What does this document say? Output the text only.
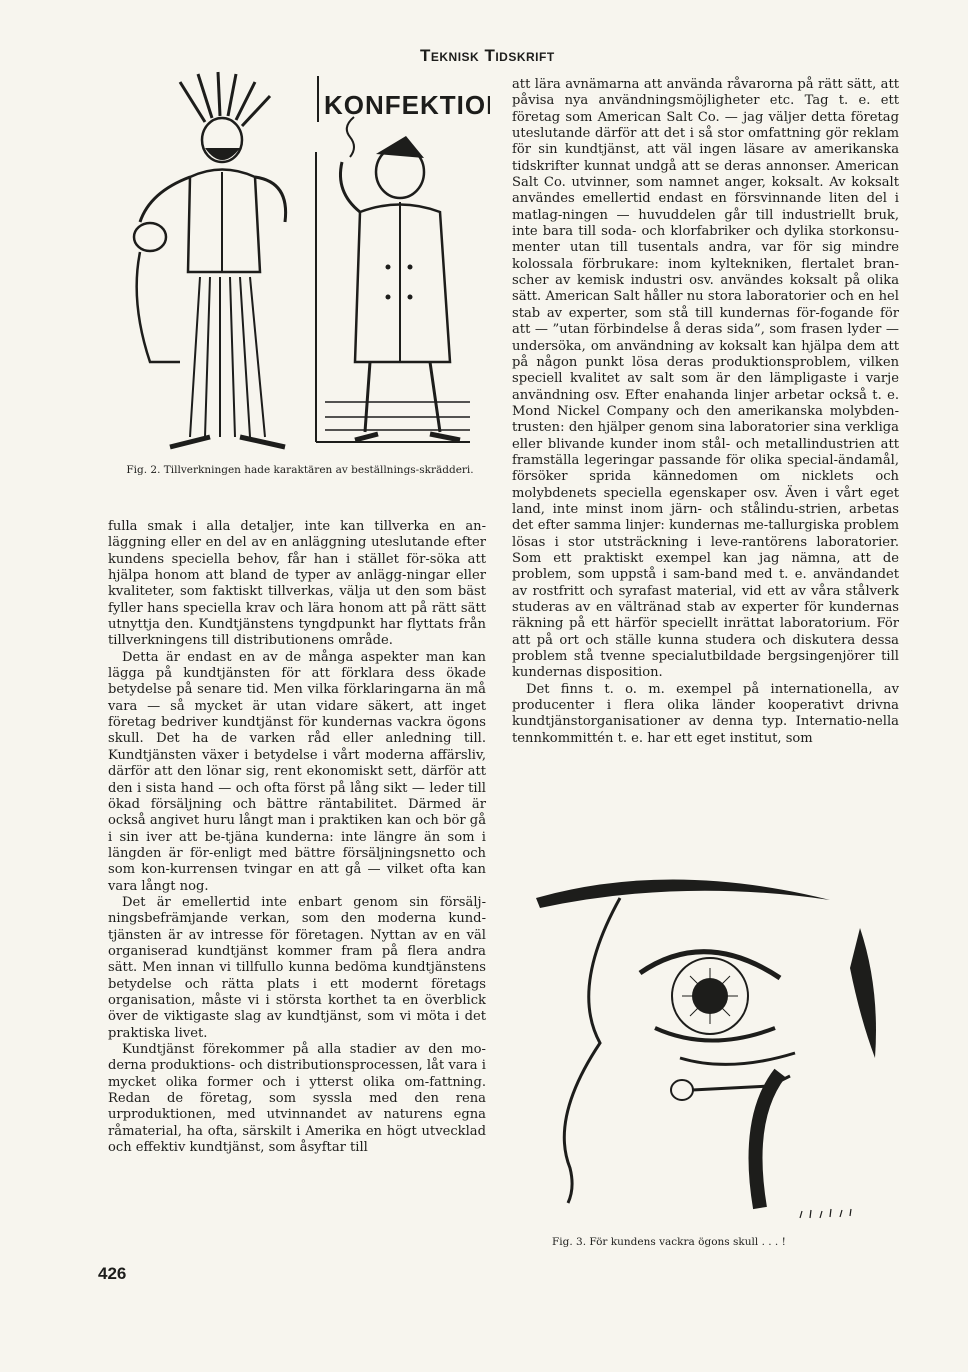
Teknisk Tidskrift
KONFEKTION
Fig. 2. Tillverkningen hade karaktären av beställnings-skrädderi.

fulla smak i alla detaljer, inte kan tillverka en an-läggning eller en del av en anläggning uteslutande efter kundens speciella behov, får han i stället för-söka att hjälpa honom att bland de typer av anlägg-ningar eller kvaliteter, som faktiskt tillverkas, välja ut den som bäst fyller hans speciella krav och lära honom att på rätt sätt utnyttja den. Kundtjänstens tyngdpunkt har flyttats från tillverkningens till distributionens område.

Detta är endast en av de många aspekter man kan lägga på kundtjänsten för att förklara dess ökade betydelse på senare tid. Men vilka förklaringarna än må vara — så mycket är utan vidare säkert, att inget företag bedriver kundtjänst för kundernas vackra ögons skull. Det ha de varken råd eller anledning till. Kundtjänsten växer i betydelse i vårt moderna affärsliv, därför att den lönar sig, rent ekonomiskt sett, därför att den i sista hand — och ofta först på lång sikt — leder till ökad försäljning och bättre räntabilitet. Därmed är också angivet huru långt man i praktiken kan och bör gå i sin iver att be-tjäna kunderna: inte längre än som i längden är för-enligt med bättre försäljningsnetto och som kon-kurrensen tvingar en att gå — vilket ofta kan vara långt nog.

Det är emellertid inte enbart genom sin försälj-ningsbefrämjande verkan, som den moderna kund-tjänsten är av intresse för företagen. Nyttan av en väl organiserad kundtjänst kommer fram på flera andra sätt. Men innan vi tillfullo kunna bedöma kundtjänstens betydelse och rätta plats i ett modernt företags organisation, måste vi i största korthet ta en överblick över de viktigaste slag av kundtjänst, som vi möta i det praktiska livet.

Kundtjänst förekommer på alla stadier av den mo-derna produktions- och distributionsprocessen, låt vara i mycket olika former och i ytterst olika om-fattning. Redan de företag, som syssla med den rena urproduktionen, med utvinnandet av naturens egna råmaterial, ha ofta, särskilt i Amerika en högt utvecklad och effektiv kundtjänst, som åsyftar till

att lära avnämarna att använda råvarorna på rätt sätt, att påvisa nya användningsmöjligheter etc. Tag t. e. ett företag som American Salt Co. — jag väljer detta företag uteslutande därför att det i så stor omfattning gör reklam för sin kundtjänst, att väl ingen läsare av amerikanska tidskrifter kunnat undgå att se deras annonser. American Salt Co. utvinner, som namnet anger, koksalt. Av koksalt användes emellertid endast en försvinnande liten del i matlag-ningen — huvuddelen går till industriellt bruk, inte bara till soda- och klorfabriker och dylika storkonsu-menter utan till tusentals andra, var för sig mindre kolossala förbrukare: inom kyltekniken, flertalet bran-scher av kemisk industri osv. användes koksalt på olika sätt. American Salt håller nu stora laboratorier och en hel stab av experter, som stå till kundernas för-fogande för att — ”utan förbindelse å deras sida”, som frasen lyder — undersöka, om användning av koksalt kan hjälpa dem att på någon punkt lösa deras produktionsproblem, vilken speciell kvalitet av salt som är den lämpligaste i varje användning osv. Efter enahanda linjer arbetar också t. e. Mond Nickel Company och den amerikanska molybden-trusten: den hjälper genom sina laboratorier sina verkliga eller blivande kunder inom stål- och metallindustrien att framställa legeringar passande för olika special-ändamål, försöker sprida kännedomen om nicklets och molybdenets speciella egenskaper osv. Även i vårt eget land, inte minst inom järn- och stålindu-strien, arbetas det efter samma linjer: kundernas me-tallurgiska problem lösas i stor utsträckning i leve-rantörens laboratorier. Som ett praktiskt exempel kan jag nämna, att de problem, som uppstå i sam-band med t. e. användandet av rostfritt och syrafast material, vid ett av våra stålverk studeras av en vältränad stab av experter för kundernas räkning på ett härför speciellt inrättat laboratorium. För att på ort och ställe kunna studera och diskutera dessa problem stå tvenne specialutbildade bergsingenjörer till kundernas disposition.

Det finns t. o. m. exempel på internationella, av producenter i flera olika länder kooperativt drivna kundtjänstorganisationer av denna typ. Internatio-nella tennkommittén t. e. har ett eget institut, som

Fig. 3. För kundens vackra ögons skull . . . !
426
